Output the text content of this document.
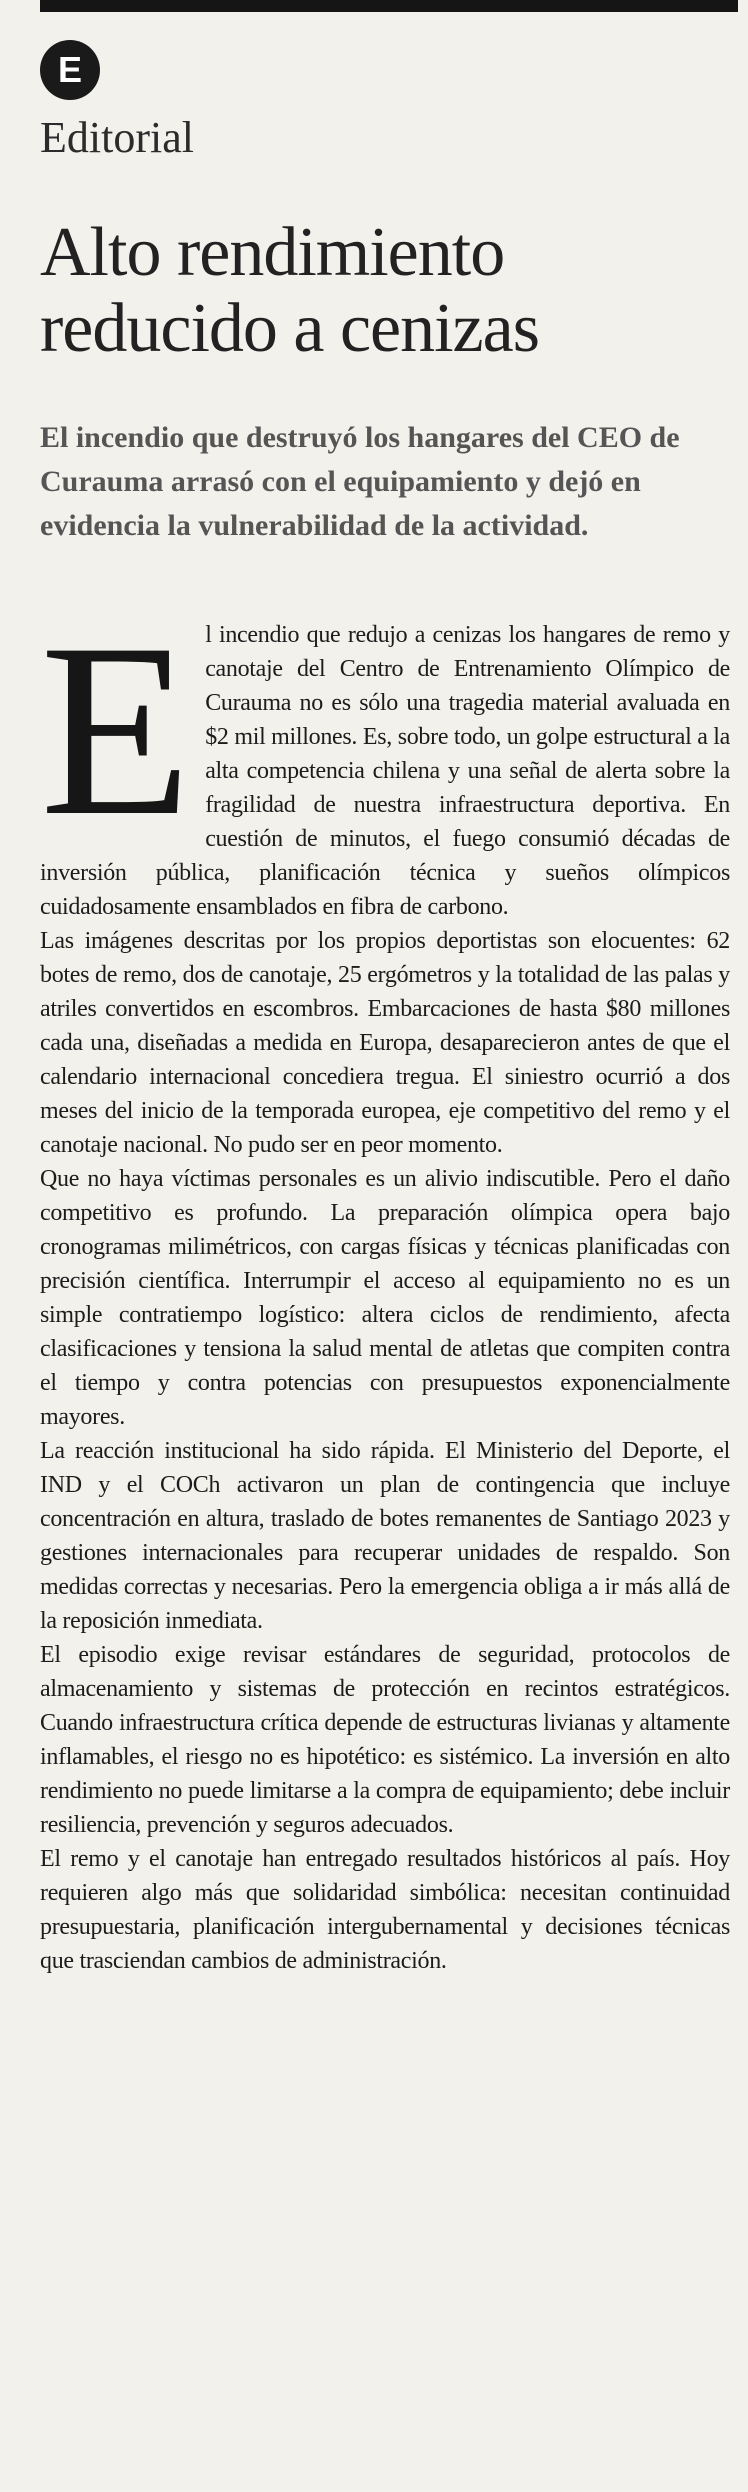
E
Editorial
Alto rendimiento reducido a cenizas

El incendio que destruyó los hangares del CEO de Curauma arrasó con el equipamiento y dejó en evidencia la vulnerabilidad de la actividad.

El incendio que redujo a cenizas los hangares de remo y canotaje del Centro de Entrenamiento Olímpico de Curauma no es sólo una tragedia material avaluada en $2 mil millones. Es, sobre todo, un golpe estructural a la alta competencia chilena y una señal de alerta sobre la fragilidad de nuestra infraestructura deportiva. En cuestión de minutos, el fuego consumió décadas de inversión pública, planificación técnica y sueños olímpicos cuidadosamente ensamblados en fibra de carbono.

Las imágenes descritas por los propios deportistas son elocuentes: 62 botes de remo, dos de canotaje, 25 ergómetros y la totalidad de las palas y atriles convertidos en escombros. Embarcaciones de hasta $80 millones cada una, diseñadas a medida en Europa, desaparecieron antes de que el calendario internacional concediera tregua. El siniestro ocurrió a dos meses del inicio de la temporada europea, eje competitivo del remo y el canotaje nacional. No pudo ser en peor momento.

Que no haya víctimas personales es un alivio indiscutible. Pero el daño competitivo es profundo. La preparación olímpica opera bajo cronogramas milimétricos, con cargas físicas y técnicas planificadas con precisión científica. Interrumpir el acceso al equipamiento no es un simple contratiempo logístico: altera ciclos de rendimiento, afecta clasificaciones y tensiona la salud mental de atletas que compiten contra el tiempo y contra potencias con presupuestos exponencialmente mayores.

La reacción institucional ha sido rápida. El Ministerio del Deporte, el IND y el COCh activaron un plan de contingencia que incluye concentración en altura, traslado de botes remanentes de Santiago 2023 y gestiones internacionales para recuperar unidades de respaldo. Son medidas correctas y necesarias. Pero la emergencia obliga a ir más allá de la reposición inmediata.

El episodio exige revisar estándares de seguridad, protocolos de almacenamiento y sistemas de protección en recintos estratégicos. Cuando infraestructura crítica depende de estructuras livianas y altamente inflamables, el riesgo no es hipotético: es sistémico. La inversión en alto rendimiento no puede limitarse a la compra de equipamiento; debe incluir resiliencia, prevención y seguros adecuados.

El remo y el canotaje han entregado resultados históricos al país. Hoy requieren algo más que solidaridad simbólica: necesitan continuidad presupuestaria, planificación intergubernamental y decisiones técnicas que trasciendan cambios de administración.
